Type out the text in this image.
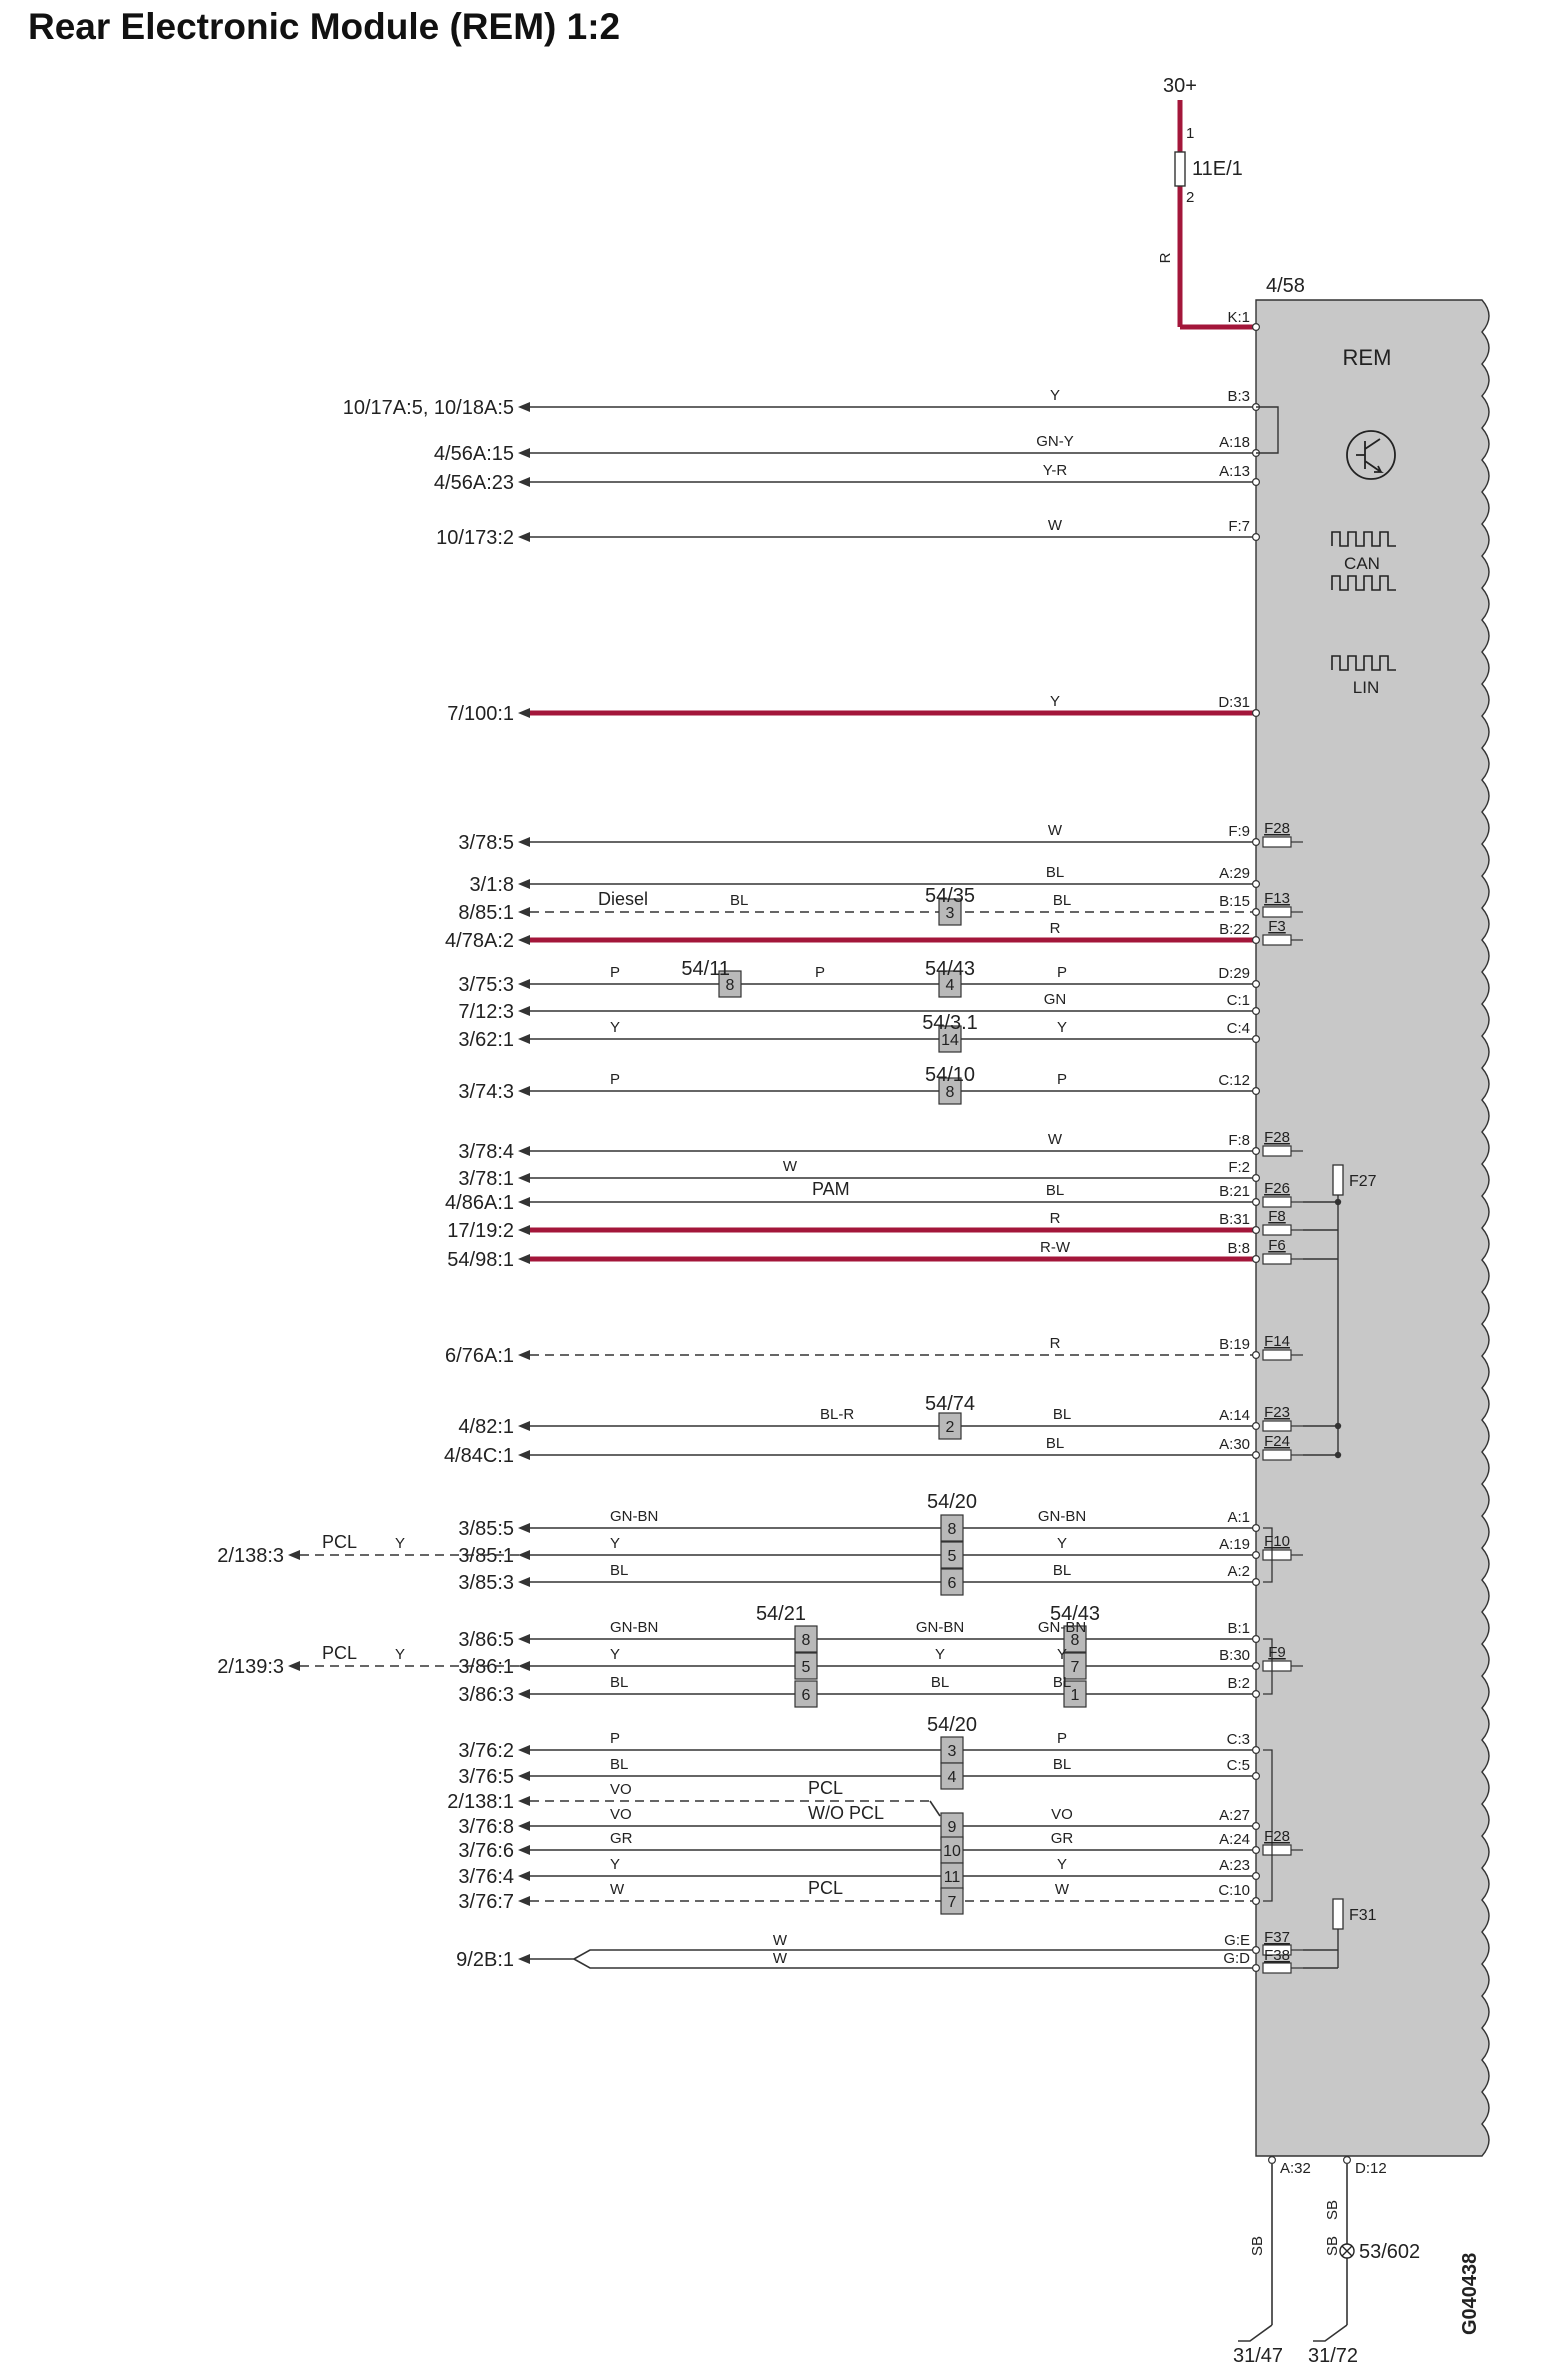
Rear Electronic Module (REM) 1:2
REM
4/58
CAN
LIN
30+
1
2
11E/1
R
K:1
10/17A:5, 10/18A:5
B:3
Y
4/56A:15
A:18
GN-Y
4/56A:23
A:13
Y-R
10/173:2
F:7
W
7/100:1
D:31
Y
3/78:5
F:9
W	F28
3/1:8
A:29
BL
8/85:1
B:15
BL
BL
Diesel
3
54/35	F13
4/78A:2
B:22
R	F3
3/75:3
D:29
P
P	P
8
54/11
4
54/43
7/12:3
C:1
GN
3/62:1
C:4
Y
Y
14
54/3.1
3/74:3
C:12
P
P
8
54/10
3/78:4
F:8
W	F28
3/78:1
F:2
W
4/86A:1
B:21
BL
PAM	F26
17/19:2
B:31
R	F8
54/98:1
B:8
R-W	F6
6/76A:1
B:19
R	F14
4/82:1
A:14
BL
BL-R
2
54/74	F23
4/84C:1
A:30
BL	F24
3/85:5
A:1
GN-BN
GN-BN
8
54/20
3/85:1
A:19
Y
Y
5
F10
3/85:3
A:2
BL
BL
6
3/86:5
B:1
GN-BN
GN-BN	GN-BN
8
54/21
8
54/43
3/86:1
B:30
Y
Y	Y
5	7
F9
3/86:3
B:2
BL
BL	BL
6	1
3/76:2
C:3
P
P
3
54/20
3/76:5
C:5
BL
BL
4
2/138:1
VO	PCL
3/76:8
A:27
VO
VO	W/O PCL
9
3/76:6
A:24
GR
GR
10
F28
3/76:4
A:23
Y
Y
11
3/76:7
C:10
W
W	PCL
7
9/2B:1
G:E
W	F37
G:D
W	F38
F27
F31
2/138:3
PCL	Y
2/139:3
PCL	Y
A:32
SB
31/47
D:12
SB
31/72
SB
53/602
G040438
